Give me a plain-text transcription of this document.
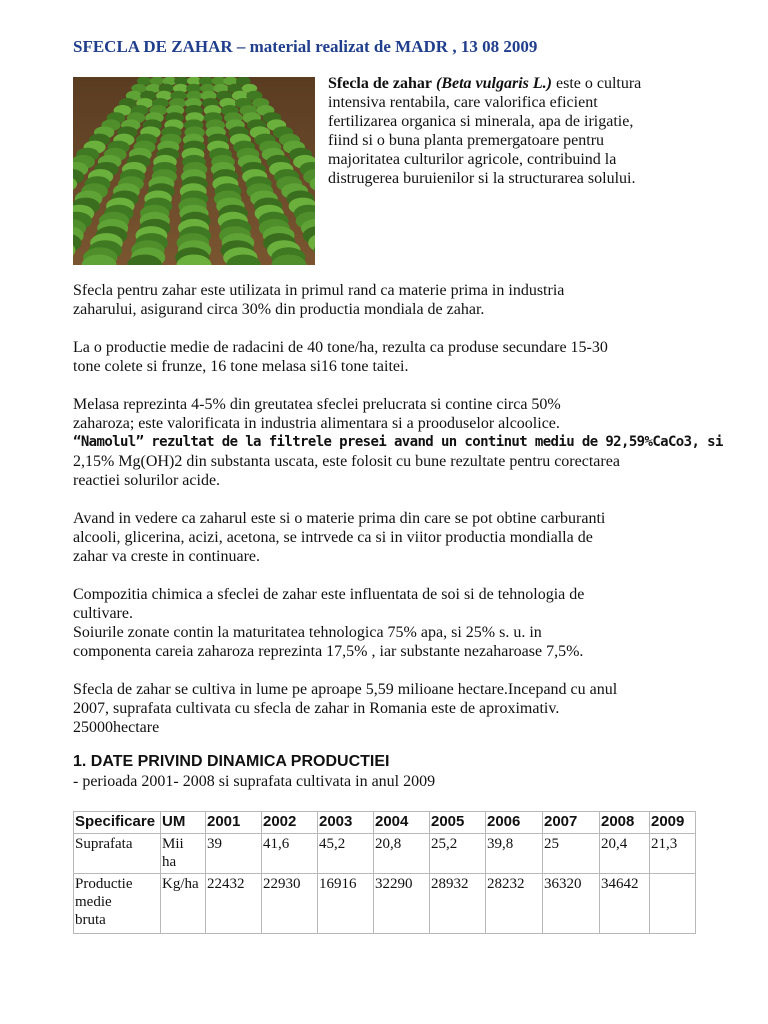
SFECLA DE ZAHAR – material realizat de MADR , 13 08 2009

Sfecla de zahar (Beta vulgaris L.) este o cultura
intensiva rentabila, care valorifica eficient
fertilizarea organica si minerala, apa de irigatie,
fiind si o buna planta premergatoare pentru
majoritatea culturilor agricole, contribuind la
distrugerea buruienilor si la structurarea solului.

Sfecla pentru zahar este utilizata in primul rand ca materie prima in industria
zaharului, asigurand circa 30% din productia mondiala de zahar.

La o productie medie de radacini de 40 tone/ha, rezulta ca produse secundare 15-30
tone colete si frunze, 16 tone melasa si16 tone taitei.

Melasa reprezinta 4-5% din greutatea sfeclei prelucrata si contine circa 50%
zaharoza; este valorificata in industria alimentara si a prooduselor alcoolice.
“Namolul” rezultat de la filtrele presei avand un continut mediu de 92,59%CaCo3, si
2,15% Mg(OH)2 din substanta uscata, este folosit cu bune rezultate pentru corectarea
reactiei solurilor acide.

Avand in vedere ca zaharul este si o materie prima din care se pot obtine carburanti
alcooli, glicerina, acizi, acetona, se intrvede ca si in viitor productia mondialla de
zahar va creste in continuare.

Compozitia chimica a sfeclei de zahar este influentata de soi si de tehnologia de
cultivare.
Soiurile zonate contin la maturitatea tehnologica 75% apa, si 25% s. u. in
componenta careia zaharoza reprezinta 17,5% , iar substante nezaharoase 7,5%.

Sfecla de zahar se cultiva in lume pe aproape 5,59 milioane hectare.Incepand cu anul
2007, suprafata cultivata cu sfecla de zahar in Romania este de aproximativ.
25000hectare

1. DATE PRIVIND DINAMICA PRODUCTIEI

- perioada 2001- 2008 si suprafata cultivata in anul 2009

Specificare	UM	2001	2002	2003	2004	2005	2006	2007	2008	2009
Suprafata	Mii
ha	39	41,6	45,2	20,8	25,2	39,8	25	20,4	21,3
Productie
medie
bruta	Kg/ha	22432	22930	16916	32290	28932	28232	36320	34642	
